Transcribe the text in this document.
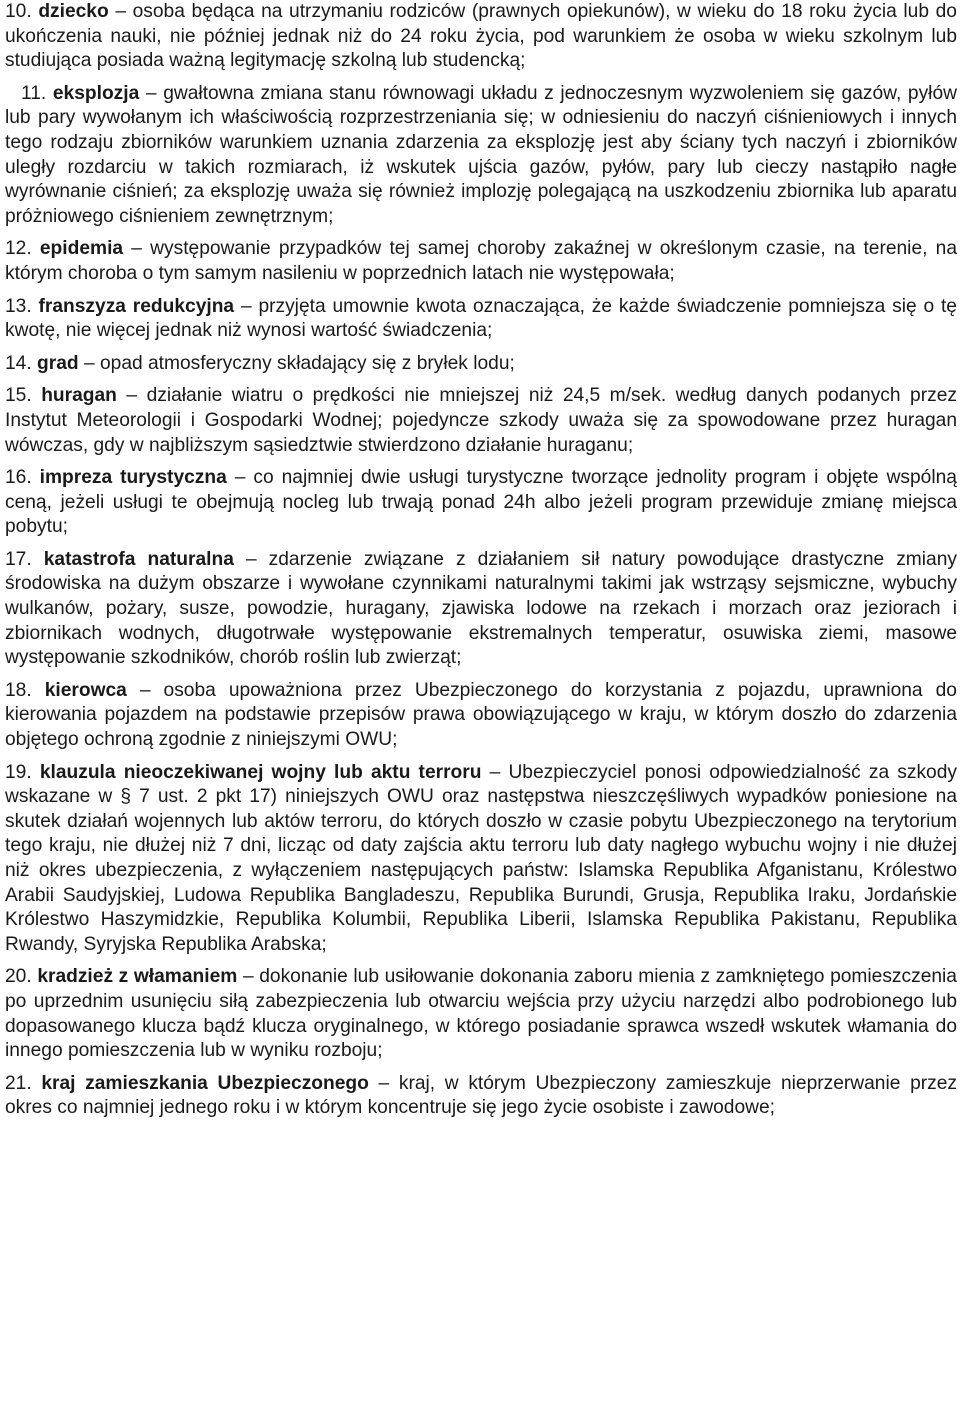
10. dziecko – osoba będąca na utrzymaniu rodziców (prawnych opiekunów), w wieku do 18 roku życia lub do ukończenia nauki, nie później jednak niż do 24 roku życia, pod warunkiem że osoba w wieku szkolnym lub studiująca posiada ważną legitymację szkolną lub studencką;

11. eksplozja – gwałtowna zmiana stanu równowagi układu z jednoczesnym wyzwoleniem się gazów, pyłów lub pary wywołanym ich właściwością rozprzestrzeniania się; w odniesieniu do naczyń ciśnieniowych i innych tego rodzaju zbiorników warunkiem uznania zdarzenia za eksplozję jest aby ściany tych naczyń i zbiorników uległy rozdarciu w takich rozmiarach, iż wskutek ujścia gazów, pyłów, pary lub cieczy nastąpiło nagłe wyrównanie ciśnień; za eksplozję uważa się również implozję polegającą na uszkodzeniu zbiornika lub aparatu próżniowego ciśnieniem zewnętrznym;

12. epidemia – występowanie przypadków tej samej choroby zakaźnej w określonym czasie, na terenie, na którym choroba o tym samym nasileniu w poprzednich latach nie występowała;

13. franszyza redukcyjna – przyjęta umownie kwota oznaczająca, że każde świadczenie pomniejsza się o tę kwotę, nie więcej jednak niż wynosi wartość świadczenia;

14. grad – opad atmosferyczny składający się z bryłek lodu;

15. huragan – działanie wiatru o prędkości nie mniejszej niż 24,5 m/sek. według danych podanych przez Instytut Meteorologii i Gospodarki Wodnej; pojedyncze szkody uważa się za spowodowane przez huragan wówczas, gdy w najbliższym sąsiedztwie stwierdzono działanie huraganu;

16. impreza turystyczna – co najmniej dwie usługi turystyczne tworzące jednolity program i objęte wspólną ceną, jeżeli usługi te obejmują nocleg lub trwają ponad 24h albo jeżeli program przewiduje zmianę miejsca pobytu;

17. katastrofa naturalna – zdarzenie związane z działaniem sił natury powodujące drastyczne zmiany środowiska na dużym obszarze i wywołane czynnikami naturalnymi takimi jak wstrząsy sejsmiczne, wybuchy wulkanów, pożary, susze, powodzie, huragany, zjawiska lodowe na rzekach i morzach oraz jeziorach i zbiornikach wodnych, długotrwałe występowanie ekstremalnych temperatur, osuwiska ziemi, masowe występowanie szkodników, chorób roślin lub zwierząt;

18. kierowca – osoba upoważniona przez Ubezpieczonego do korzystania z pojazdu, uprawniona do kierowania pojazdem na podstawie przepisów prawa obowiązującego w kraju, w którym doszło do zdarzenia objętego ochroną zgodnie z niniejszymi OWU;

19. klauzula nieoczekiwanej wojny lub aktu terroru – Ubezpieczyciel ponosi odpowiedzialność za szkody wskazane w § 7 ust. 2 pkt 17) niniejszych OWU oraz następstwa nieszczęśliwych wypadków poniesione na skutek działań wojennych lub aktów terroru, do których doszło w czasie pobytu Ubezpieczonego na terytorium tego kraju, nie dłużej niż 7 dni, licząc od daty zajścia aktu terroru lub daty nagłego wybuchu wojny i nie dłużej niż okres ubezpieczenia, z wyłączeniem następujących państw: Islamska Republika Afganistanu, Królestwo Arabii Saudyjskiej, Ludowa Republika Bangladeszu, Republika Burundi, Grusja, Republika Iraku, Jordańskie Królestwo Haszymidzkie, Republika Kolumbii, Republika Liberii, Islamska Republika Pakistanu, Republika Rwandy, Syryjska Republika Arabska;

20. kradzież z włamaniem – dokonanie lub usiłowanie dokonania zaboru mienia z zamkniętego pomieszczenia po uprzednim usunięciu siłą zabezpieczenia lub otwarciu wejścia przy użyciu narzędzi albo podrobionego lub dopasowanego klucza bądź klucza oryginalnego, w którego posiadanie sprawca wszedł wskutek włamania do innego pomieszczenia lub w wyniku rozboju;

21. kraj zamieszkania Ubezpieczonego – kraj, w którym Ubezpieczony zamieszkuje nieprzerwanie przez okres co najmniej jednego roku i w którym koncentruje się jego życie osobiste i zawodowe;
